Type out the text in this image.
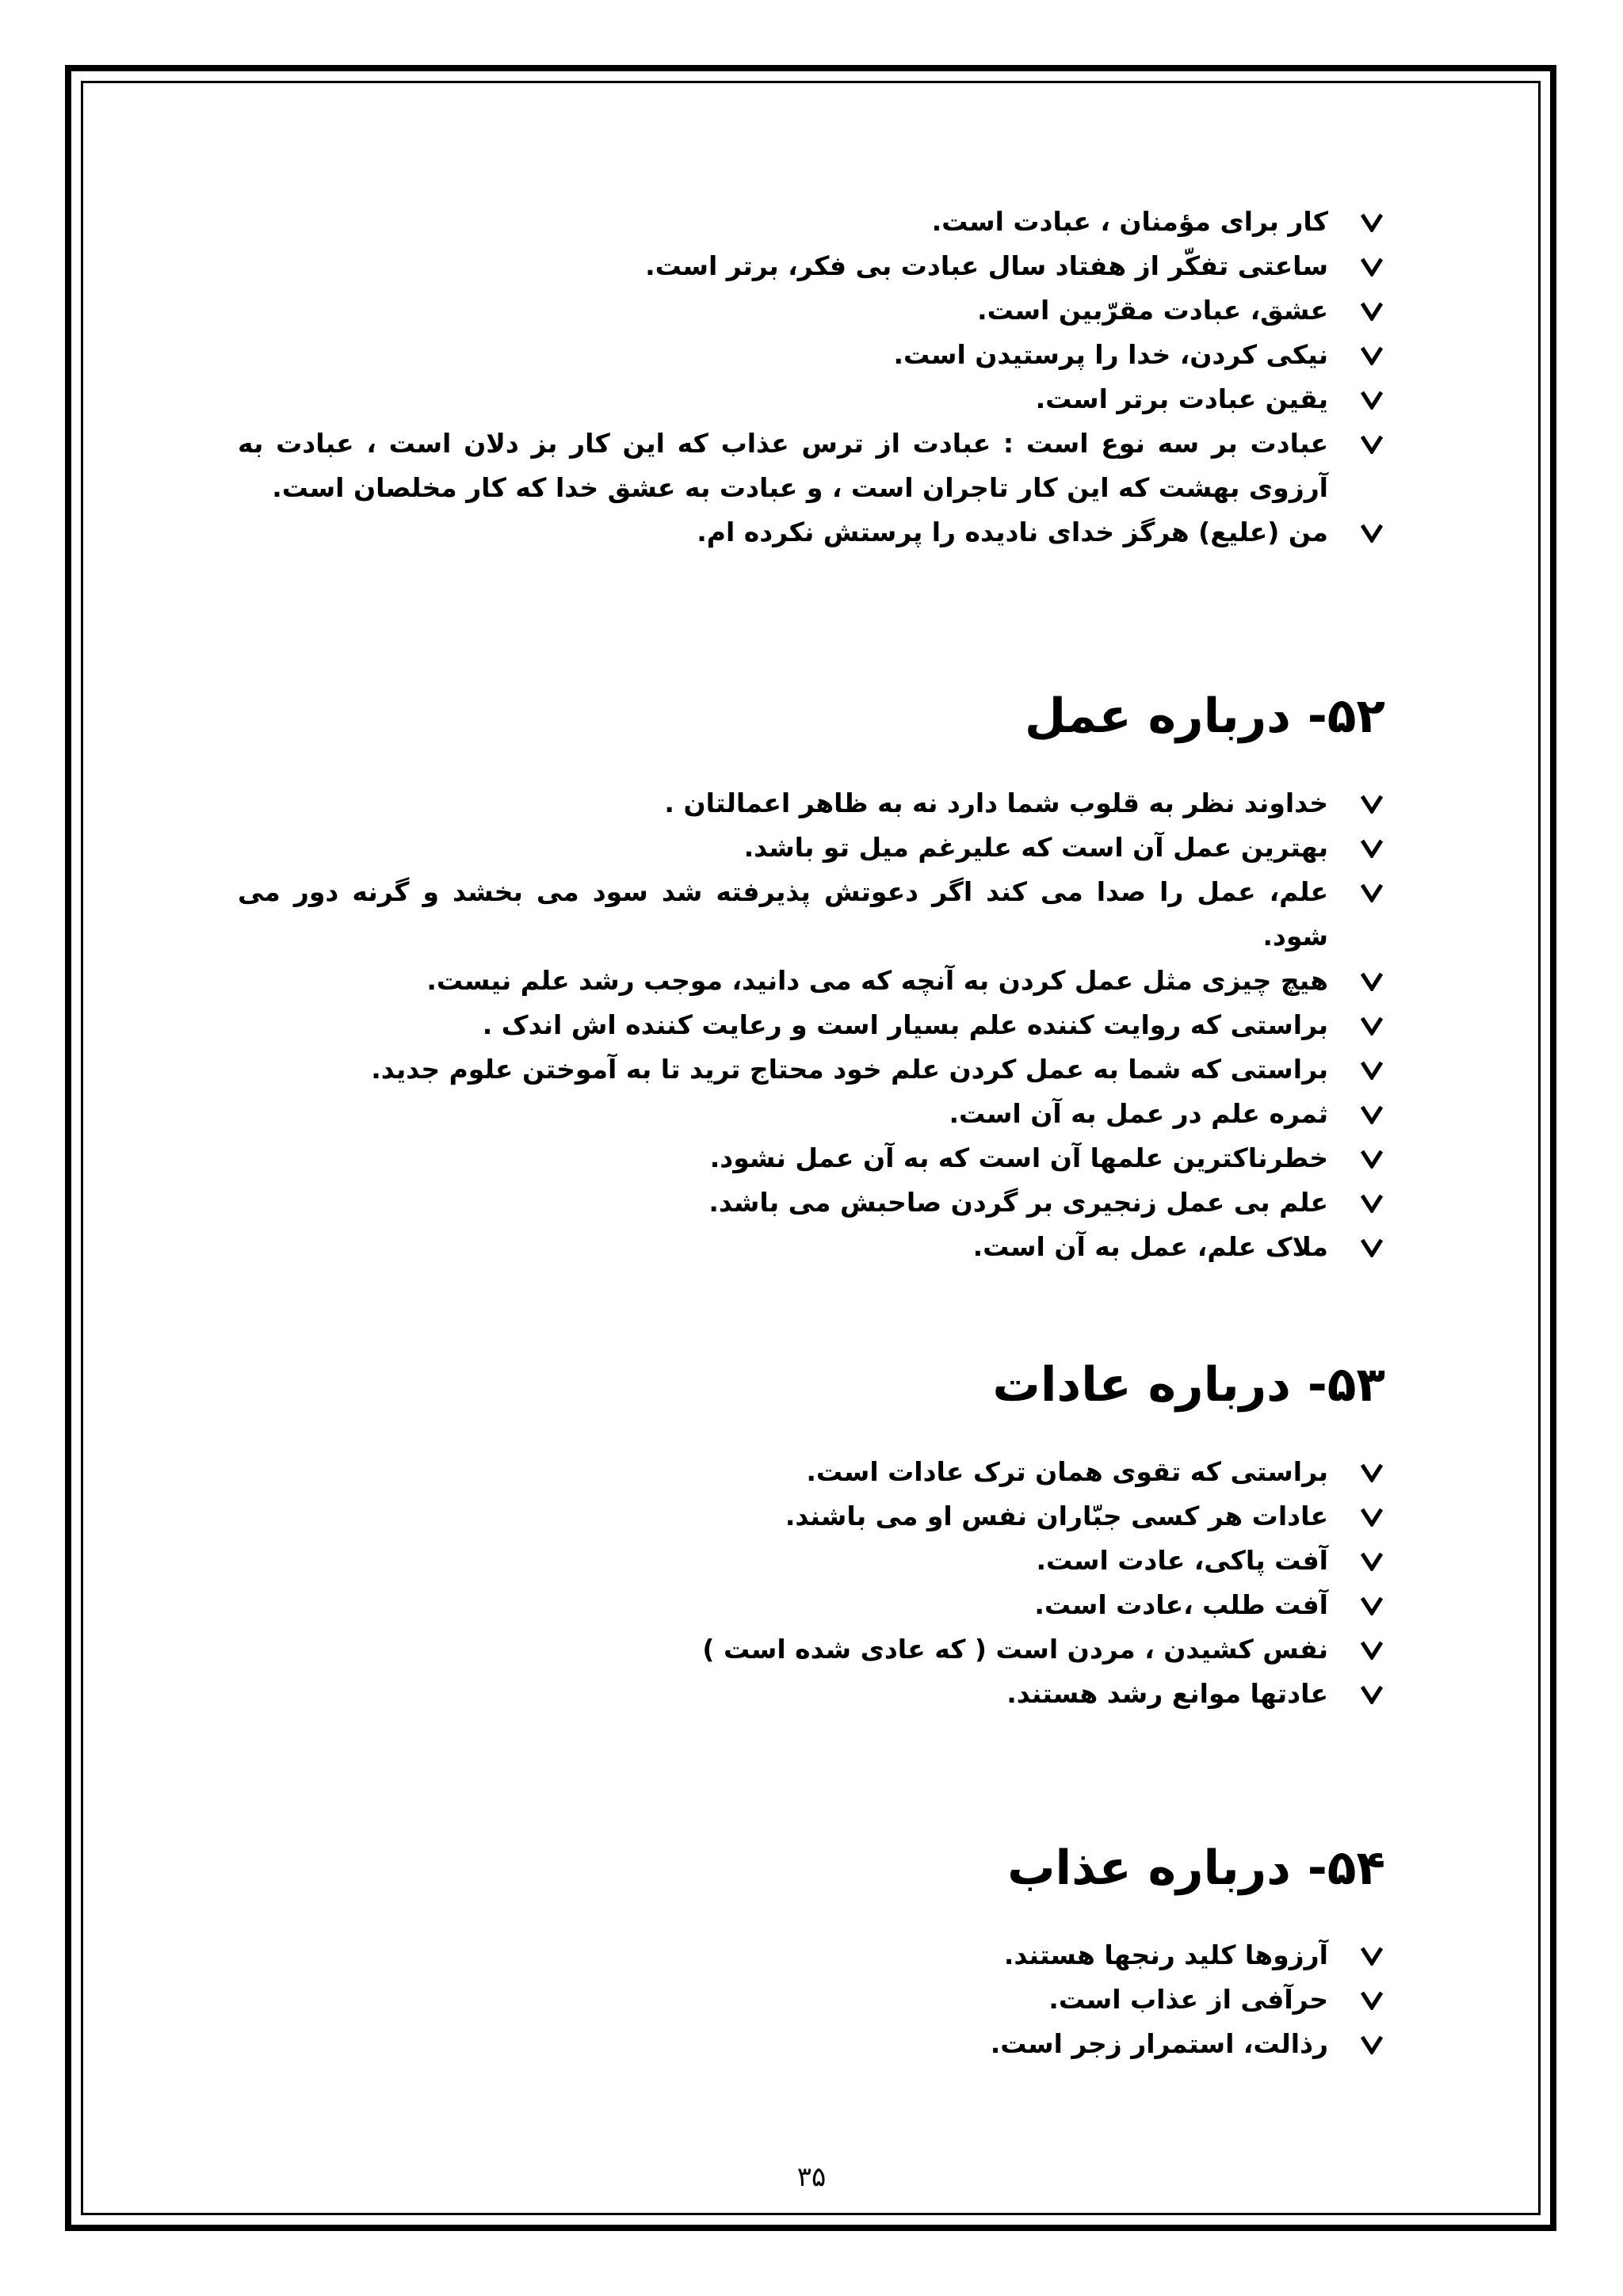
کار برای مؤمنان ، عبادت است.
ساعتی تفکّر از هفتاد سال عبادت بی فکر، برتر است.
عشق، عبادت مقرّبین است.
نیکی کردن، خدا را پرستیدن است.
یقین عبادت برتر است.
عبادت بر سه نوع است : عبادت از ترس عذاب که این کار بز دلان است ، عبادت به آرزوی بهشت که این کار تاجران است ، و عبادت به عشق خدا که کار مخلصان است.
من (علیع) هرگز خدای نادیده را پرستش نکرده ام.
۵۲- درباره عمل
خداوند نظر به قلوب شما دارد نه به ظاهر اعمالتان .
بهترین عمل آن است که علیرغم میل تو باشد.
علم، عمل را صدا می کند اگر دعوتش پذیرفته شد سود می بخشد و گرنه دور می شود.
هیچ چیزی مثل عمل کردن به آنچه که می دانید، موجب رشد علم نیست.
براستی که روایت کننده علم بسیار است و رعایت کننده اش اندک .
براستی که شما به عمل کردن علم خود محتاج ترید تا به آموختن علوم جدید.
ثمره علم در عمل به آن است.
خطرناکترین علمها آن است که به آن عمل نشود.
علم بی عمل زنجیری بر گردن صاحبش می باشد.
ملاک علم، عمل به آن است.
۵۳- درباره عادات
براستی که تقوی همان ترک عادات است.
عادات هر کسی جبّاران نفس او می باشند.
آفت پاکی، عادت است.
آفت طلب ،عادت است.
نفس کشیدن ، مردن است ( که عادی شده است )
عادتها موانع رشد هستند.
۵۴- درباره عذاب
آرزوها کلید رنجها هستند.
حرآفی از عذاب است.
رذالت، استمرار زجر است.
۳۵
